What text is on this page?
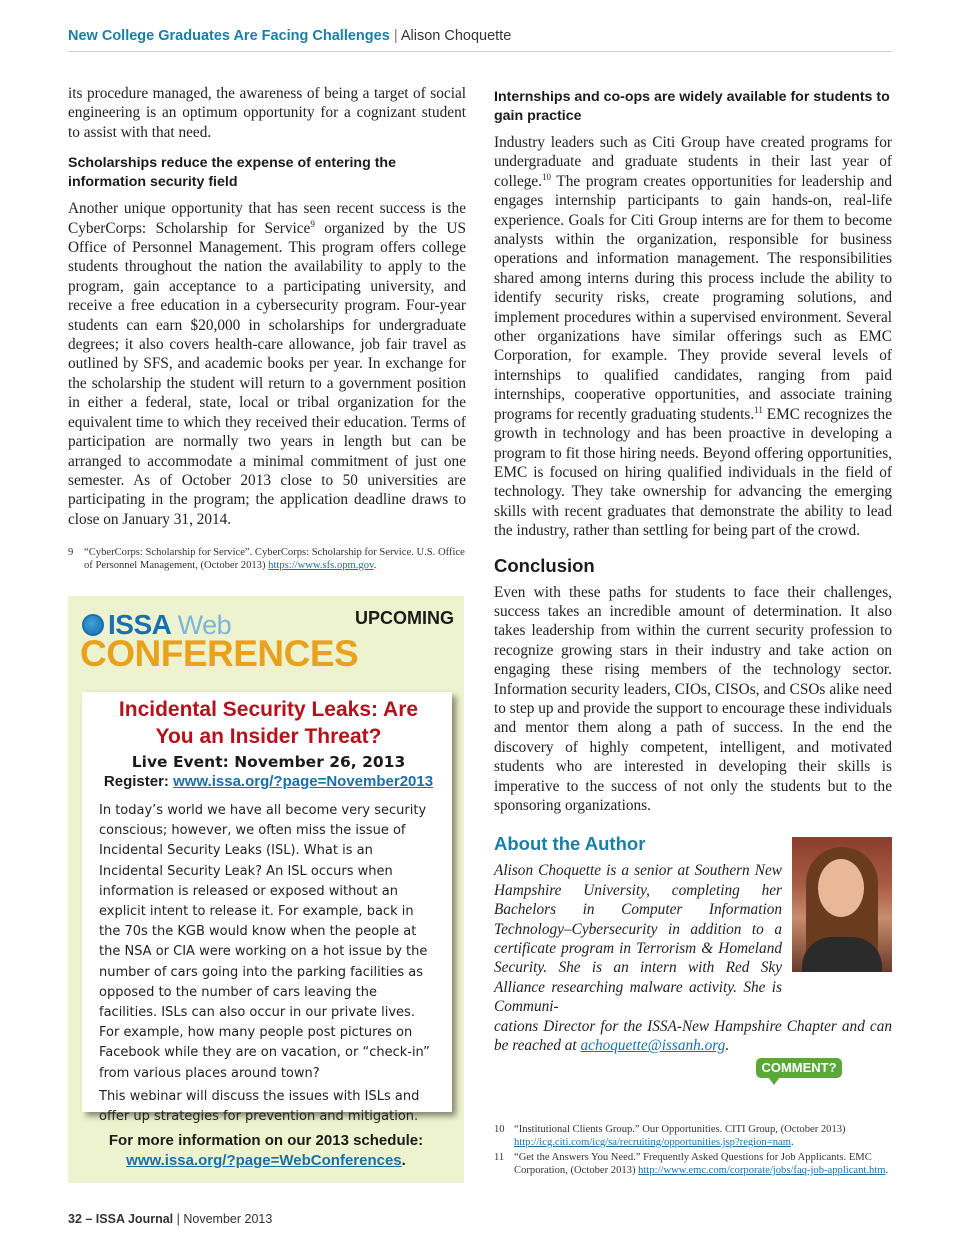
New College Graduates Are Facing Challenges | Alison Choquette

its procedure managed, the awareness of being a target of social engineering is an optimum opportunity for a cognizant student to assist with that need.

Scholarships reduce the expense of entering the information security field

Another unique opportunity that has seen recent success is the CyberCorps: Scholarship for Service$^9$ organized by the US Office of Personnel Management. This program offers college students throughout the nation the availability to apply to the program, gain acceptance to a participating university, and receive a free education in a cybersecurity program. Four-year students can earn $20,000 in scholarships for undergraduate degrees; it also covers health-care allowance, job fair travel as outlined by SFS, and academic books per year. In exchange for the scholarship the student will return to a government position in either a federal, state, local or tribal organization for the equivalent time to which they received their education. Terms of participation are normally two years in length but can be arranged to accommodate a minimal commitment of just one semester. As of October 2013 close to 50 universities are participating in the program; the application deadline draws to close on January 31, 2014.

9	“CyberCorps: Scholarship for Service”. CyberCorps: Scholarship for Service. U.S. Office of Personnel Management, (October 2013) https://www.sfs.opm.gov.
ISSA Web
CONFERENCES
UPCOMING
Incidental Security Leaks: Are You an Insider Threat?
Live Event: November 26, 2013
Register: www.issa.org/?page=November2013

In today’s world we have all become very security conscious; however, we often miss the issue of Incidental Security Leaks (ISL). What is an Incidental Security Leak? An ISL occurs when information is released or exposed without an explicit intent to release it. For example, back in the 70s the KGB would know when the people at the NSA or CIA were working on a hot issue by the number of cars going into the parking facilities as opposed to the number of cars leaving the facilities. ISLs can also occur in our private lives. For example, how many people post pictures on Facebook while they are on vacation, or “check-in” from various places around town?

This webinar will discuss the issues with ISLs and offer up strategies for prevention and mitigation.

For more information on our 2013 schedule:
www.issa.org/?page=WebConferences.
Internships and co-ops are widely available for students to gain practice

Industry leaders such as Citi Group have created programs for undergraduate and graduate students in their last year of college.$^{10}$ The program creates opportunities for leadership and engages internship participants to gain hands-on, real-life experience. Goals for Citi Group interns are for them to become analysts within the organization, responsible for business operations and information management. The responsibilities shared among interns during this process include the ability to identify security risks, create programing solutions, and implement procedures within a supervised environment. Several other organizations have similar offerings such as EMC Corporation, for example. They provide several levels of internships to qualified candidates, ranging from paid internships, cooperative opportunities, and associate training programs for recently graduating students.$^{11}$ EMC recognizes the growth in technology and has been proactive in developing a program to fit those hiring needs. Beyond offering opportunities, EMC is focused on hiring qualified individuals in the field of technology. They take ownership for advancing the emerging skills with recent graduates that demonstrate the ability to lead the industry, rather than settling for being part of the crowd.

Conclusion

Even with these paths for students to face their challenges, success takes an incredible amount of determination. It also takes leadership from within the current security profession to recognize growing stars in their industry and take action on engaging these rising members of the technology sector. Information security leaders, CIOs, CISOs, and CSOs alike need to step up and provide the support to encourage these individuals and mentor them along a path of success. In the end the discovery of highly competent, intelligent, and motivated students who are interested in developing their skills is imperative to the success of not only the students but to the sponsoring organizations.

About the Author
Alison Choquette is a senior at Southern New Hampshire University, completing her Bachelors in Computer Information Technology–Cybersecurity in addition to a certificate program in Terrorism & Homeland Security. She is an intern with Red Sky Alliance researching malware activity. She is Communi-
cations Director for the ISSA-New Hampshire Chapter and can be reached at achoquette@issanh.org.
COMMENT?
10 “Institutional Clients Group.” Our Opportunities. CITI Group, (October 2013) http://icg.citi.com/icg/sa/recruiting/opportunities.jsp?region=nam.
11 “Get the Answers You Need.” Frequently Asked Questions for Job Applicants. EMC Corporation, (October 2013) http://www.emc.com/corporate/jobs/faq-job-applicant.htm.
32 – ISSA Journal | November 2013
